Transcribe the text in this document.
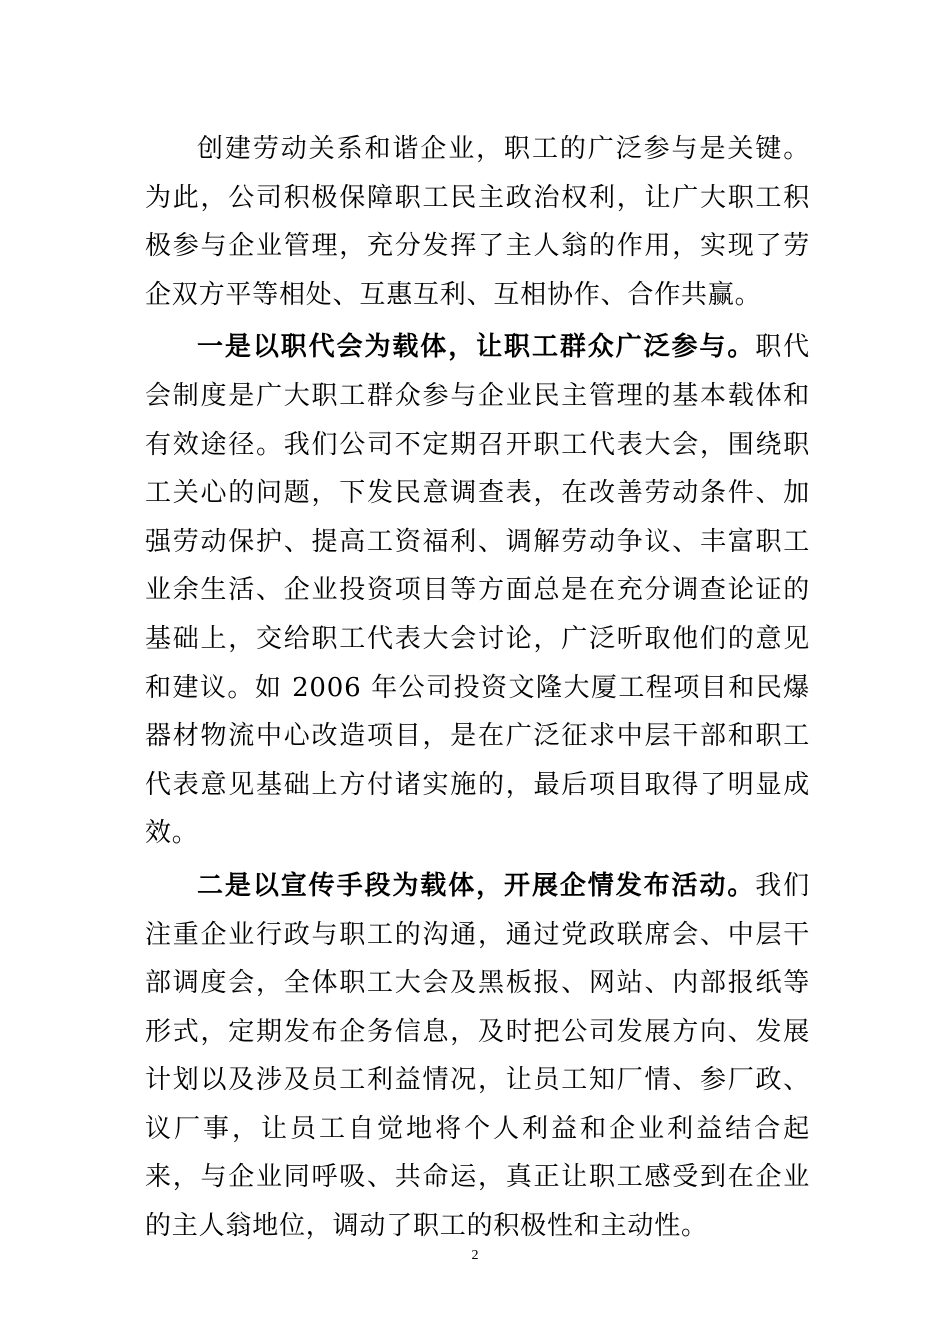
创建劳动关系和谐企业，职工的广泛参与是关键。为此，公司积极保障职工民主政治权利，让广大职工积极参与企业管理，充分发挥了主人翁的作用，实现了劳企双方平等相处、互惠互利、互相协作、合作共赢。

一是以职代会为载体，让职工群众广泛参与。职代会制度是广大职工群众参与企业民主管理的基本载体和有效途径。我们公司不定期召开职工代表大会，围绕职工关心的问题，下发民意调查表，在改善劳动条件、加强劳动保护、提高工资福利、调解劳动争议、丰富职工业余生活、企业投资项目等方面总是在充分调查论证的基础上，交给职工代表大会讨论，广泛听取他们的意见和建议。如 2006 年公司投资文隆大厦工程项目和民爆器材物流中心改造项目，是在广泛征求中层干部和职工代表意见基础上方付诸实施的，最后项目取得了明显成效。

二是以宣传手段为载体，开展企情发布活动。我们注重企业行政与职工的沟通，通过党政联席会、中层干部调度会，全体职工大会及黑板报、网站、内部报纸等形式，定期发布企务信息，及时把公司发展方向、发展计划以及涉及员工利益情况，让员工知厂情、参厂政、议厂事，让员工自觉地将个人利益和企业利益结合起来，与企业同呼吸、共命运，真正让职工感受到在企业的主人翁地位，调动了职工的积极性和主动性。

2
